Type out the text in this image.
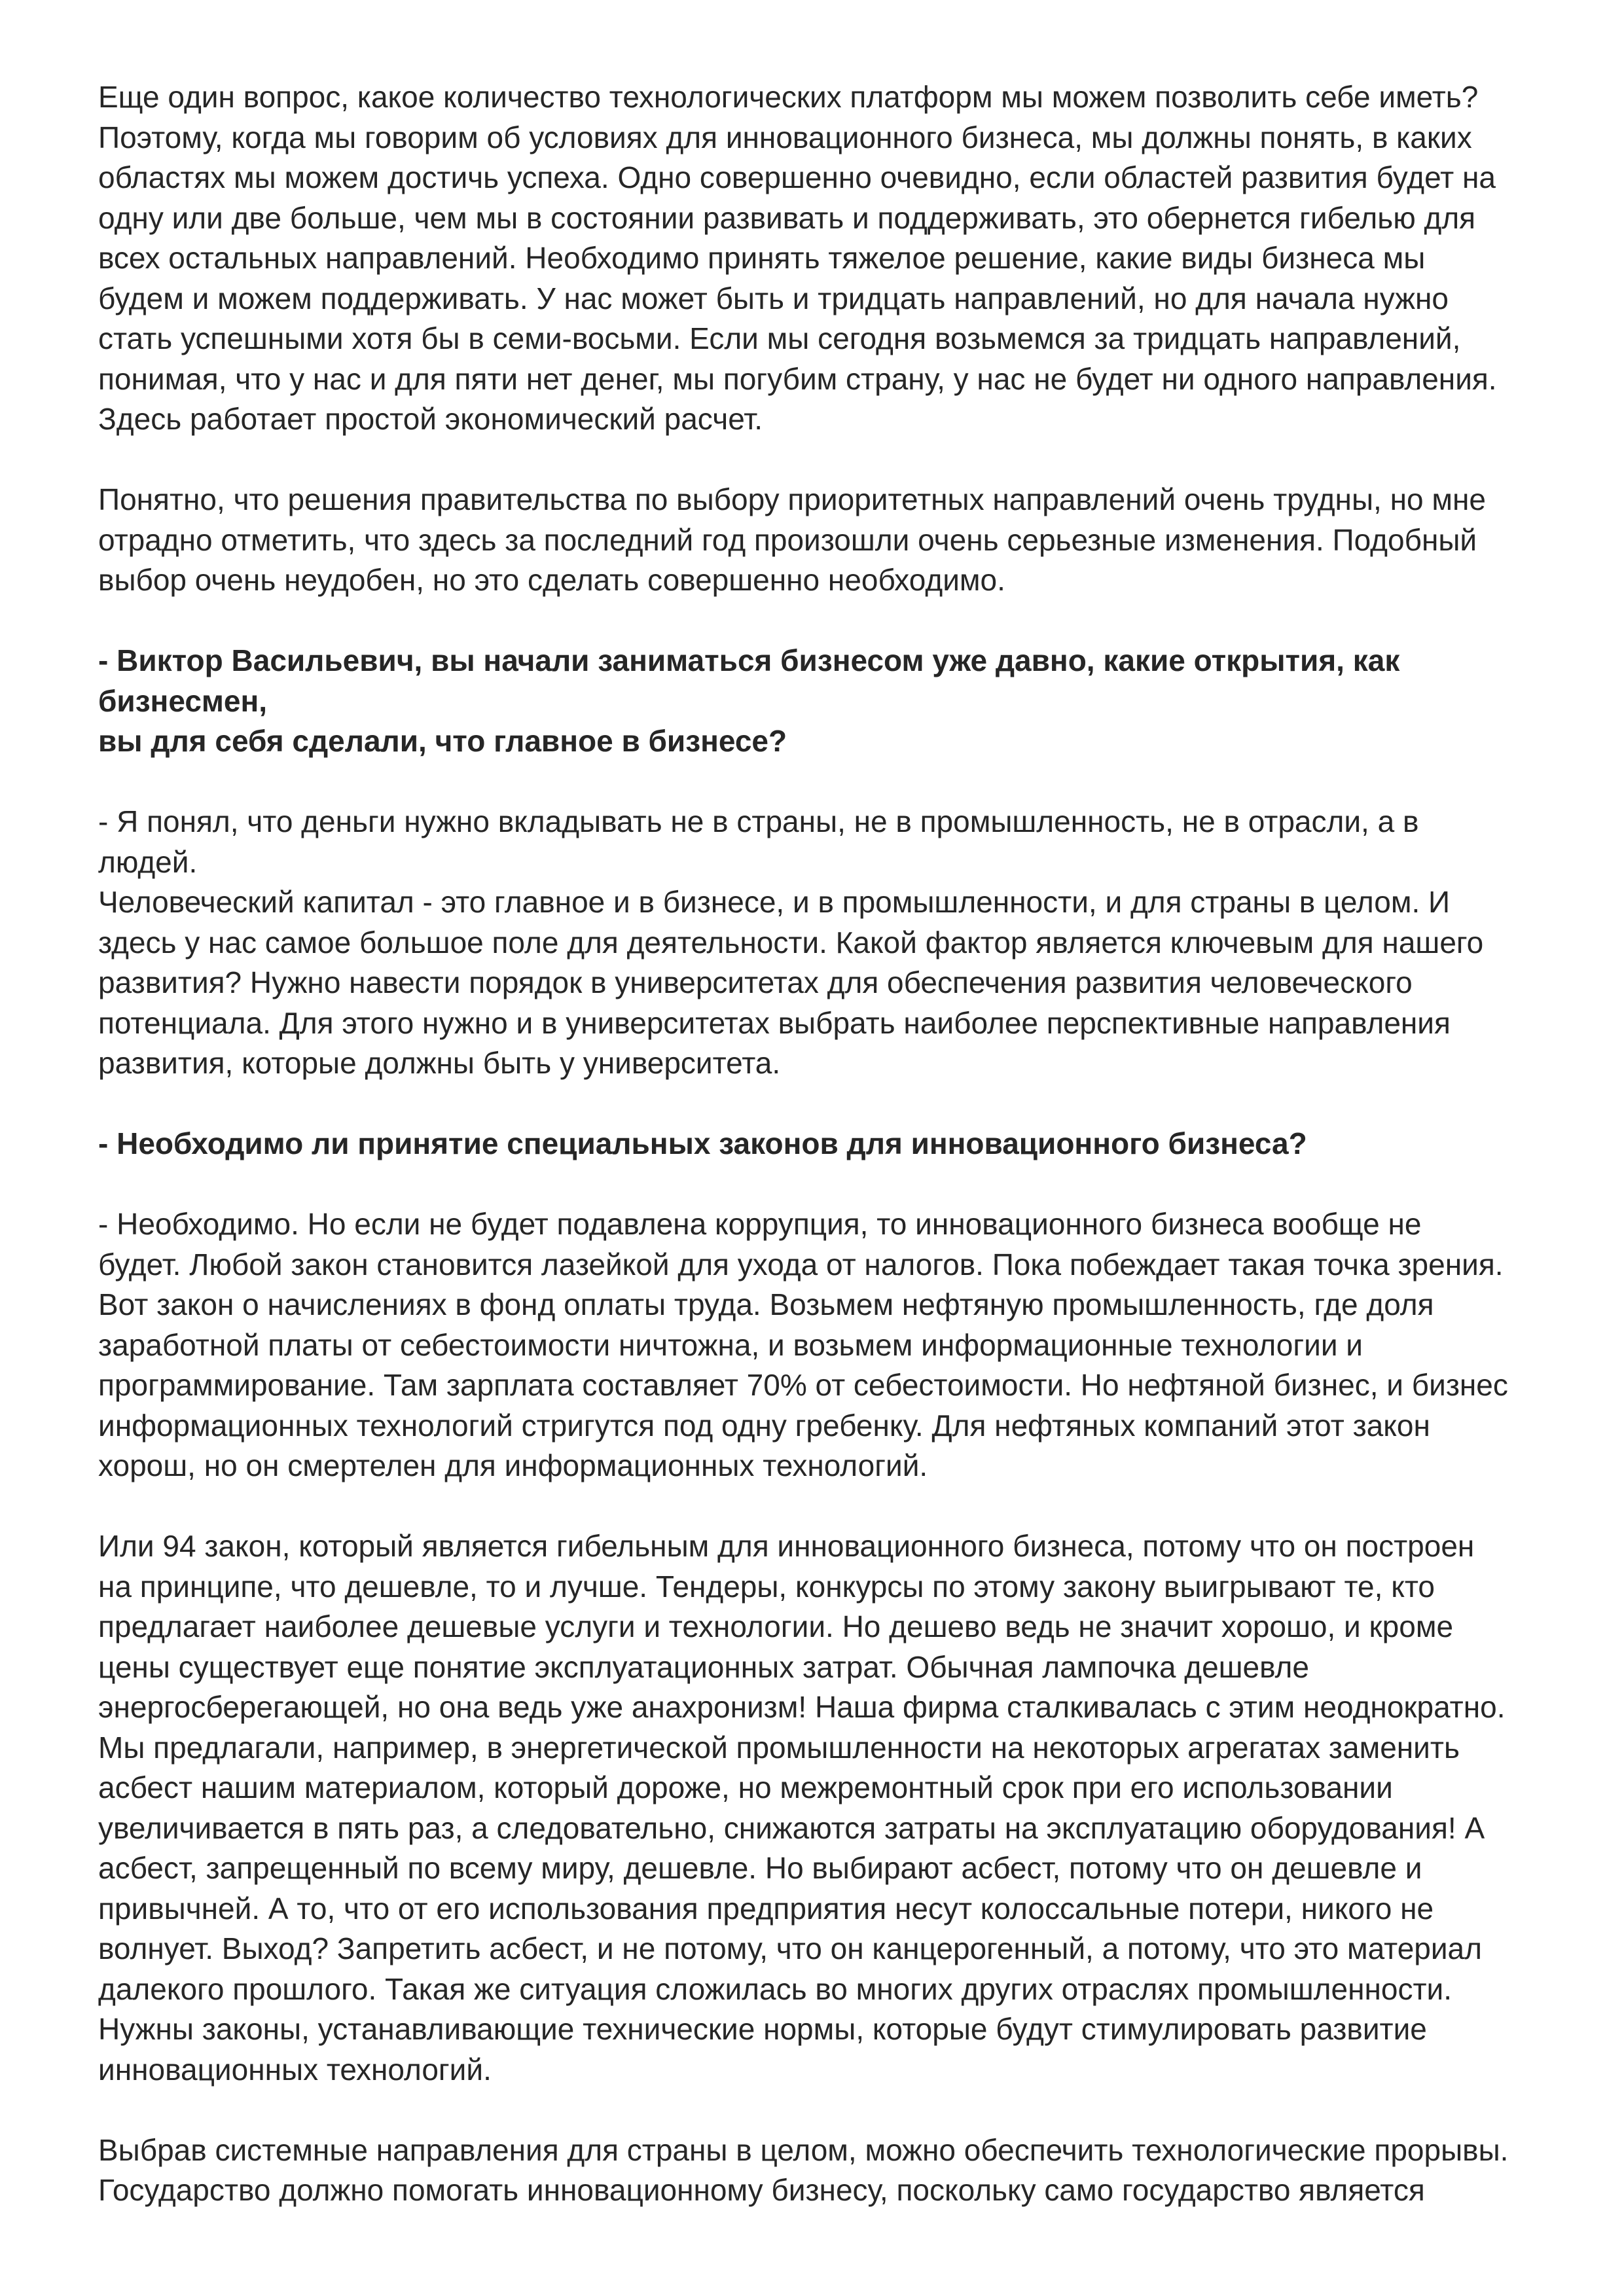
Еще один вопрос, какое количество технологических платформ мы можем позволить себе иметь?
Поэтому, когда мы говорим об условиях для инновационного бизнеса, мы должны понять, в каких
областях мы можем достичь успеха. Одно совершенно очевидно, если областей развития будет на
одну или две больше, чем мы в состоянии развивать и поддерживать, это обернется гибелью для
всех остальных направлений. Необходимо принять тяжелое решение, какие виды бизнеса мы
будем и можем поддерживать. У нас может быть и тридцать направлений, но для начала нужно
стать успешными хотя бы в семи-восьми. Если мы сегодня возьмемся за тридцать направлений,
понимая, что у нас и для пяти нет денег, мы погубим страну, у нас не будет ни одного направления.
Здесь работает простой экономический расчет.

Понятно, что решения правительства по выбору приоритетных направлений очень трудны, но мне
отрадно отметить, что здесь за последний год произошли очень серьезные изменения. Подобный
выбор очень неудобен, но это сделать совершенно необходимо.

- Виктор Васильевич, вы начали заниматься бизнесом уже давно, какие открытия, как бизнесмен,
вы для себя сделали, что главное в бизнесе?

- Я понял, что деньги нужно вкладывать не в страны, не в промышленность, не в отрасли, а в людей.
Человеческий капитал - это главное и в бизнесе, и в промышленности, и для страны в целом. И
здесь у нас самое большое поле для деятельности. Какой фактор является ключевым для нашего
развития? Нужно навести порядок в университетах для обеспечения развития человеческого
потенциала. Для этого нужно и в университетах выбрать наиболее перспективные направления
развития, которые должны быть у университета.

- Необходимо ли принятие специальных законов для инновационного бизнеса?

- Необходимо. Но если не будет подавлена коррупция, то инновационного бизнеса вообще не
будет. Любой закон становится лазейкой для ухода от налогов. Пока побеждает такая точка зрения.
Вот закон о начислениях в фонд оплаты труда. Возьмем нефтяную промышленность, где доля
заработной платы от себестоимости ничтожна, и возьмем информационные технологии и
программирование. Там зарплата составляет 70% от себестоимости. Но нефтяной бизнес, и бизнес
информационных технологий стригутся под одну гребенку. Для нефтяных компаний этот закон
хорош, но он смертелен для информационных технологий.

Или 94 закон, который является гибельным для инновационного бизнеса, потому что он построен
на принципе, что дешевле, то и лучше. Тендеры, конкурсы по этому закону выигрывают те, кто
предлагает наиболее дешевые услуги и технологии. Но дешево ведь не значит хорошо, и кроме
цены существует еще понятие эксплуатационных затрат. Обычная лампочка дешевле
энергосберегающей, но она ведь уже анахронизм! Наша фирма сталкивалась с этим неоднократно.
Мы предлагали, например, в энергетической промышленности на некоторых агрегатах заменить
асбест нашим материалом, который дороже, но межремонтный срок при его использовании
увеличивается в пять раз, а следовательно, снижаются затраты на эксплуатацию оборудования! А
асбест, запрещенный по всему миру, дешевле. Но выбирают асбест, потому что он дешевле и
привычней. А то, что от его использования предприятия несут колоссальные потери, никого не
волнует. Выход? Запретить асбест, и не потому, что он канцерогенный, а потому, что это материал
далекого прошлого. Такая же ситуация сложилась во многих других отраслях промышленности.
Нужны законы, устанавливающие технические нормы, которые будут стимулировать развитие
инновационных технологий.

Выбрав системные направления для страны в целом, можно обеспечить технологические прорывы.
Государство должно помогать инновационному бизнесу, поскольку само государство является
